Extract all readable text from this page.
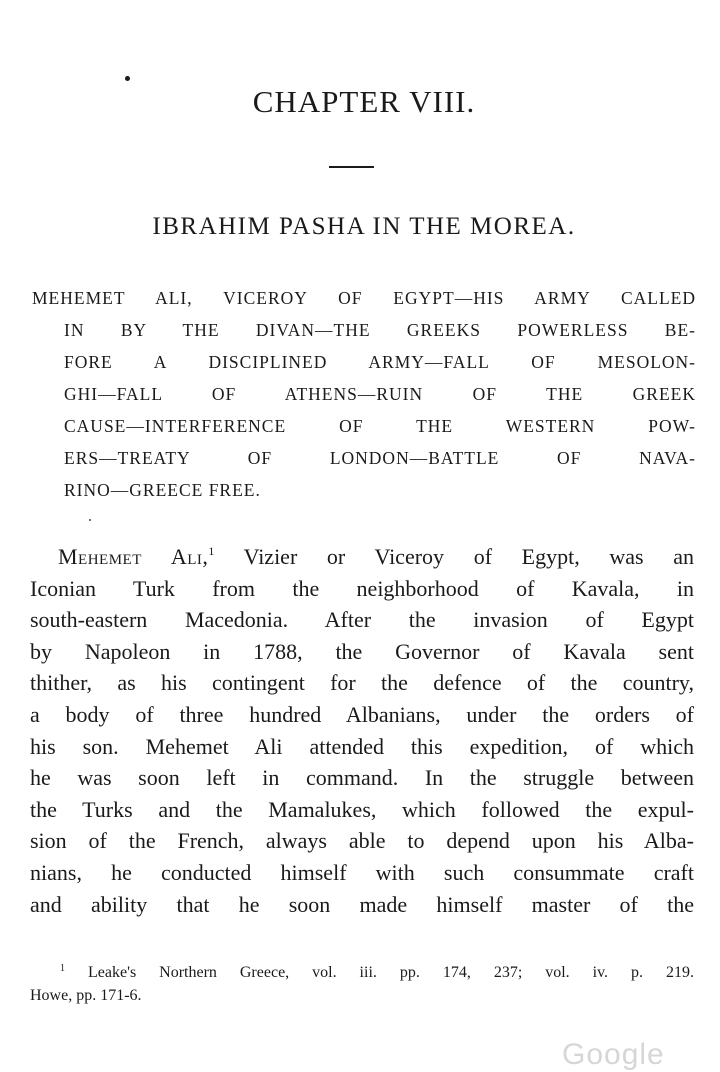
CHAPTER VIII.
IBRAHIM PASHA IN THE MOREA.
MEHEMET ALI, VICEROY OF EGYPT—HIS ARMY CALLED
IN BY THE DIVAN—THE GREEKS POWERLESS BE-
FORE A DISCIPLINED ARMY—FALL OF MESOLON-
GHI—FALL OF ATHENS—RUIN OF THE GREEK
CAUSE—INTERFERENCE OF THE WESTERN POW-
ERS—TREATY OF LONDON—BATTLE OF NAVA-
RINO—GREECE FREE.
Mehemet Ali,$^1$ Vizier or Viceroy of Egypt, was an
Iconian Turk from the neighborhood of Kavala, in
south-eastern Macedonia. After the invasion of Egypt
by Napoleon in 1788, the Governor of Kavala sent
thither, as his contingent for the defence of the country,
a body of three hundred Albanians, under the orders of
his son. Mehemet Ali attended this expedition, of which
he was soon left in command. In the struggle between
the Turks and the Mamalukes, which followed the expul-
sion of the French, always able to depend upon his Alba-
nians, he conducted himself with such consummate craft
and ability that he soon made himself master of the
$^1$ Leake's Northern Greece, vol. iii. pp. 174, 237; vol. iv. p. 219.
Howe, pp. 171-6.
Google
